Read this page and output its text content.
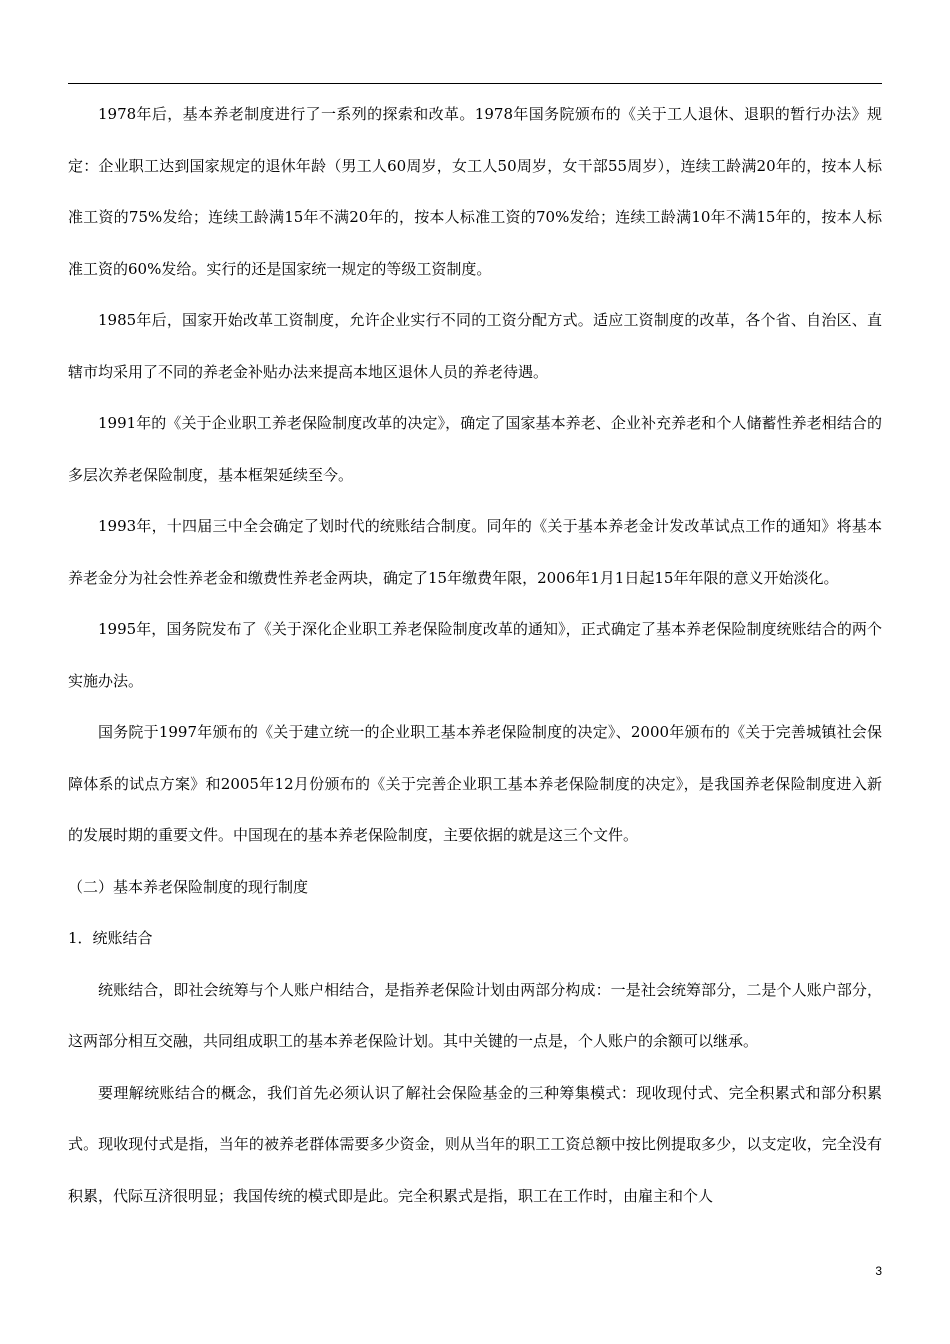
1978年后，基本养老制度进行了一系列的探索和改革。1978年国务院颁布的《关于工人退休、退职的暂行办法》规定：企业职工达到国家规定的退休年龄（男工人60周岁，女工人50周岁，女干部55周岁），连续工龄满20年的，按本人标准工资的75%发给；连续工龄满15年不满20年的，按本人标准工资的70%发给；连续工龄满10年不满15年的，按本人标准工资的60%发给。实行的还是国家统一规定的等级工资制度。

1985年后，国家开始改革工资制度，允许企业实行不同的工资分配方式。适应工资制度的改革，各个省、自治区、直辖市均采用了不同的养老金补贴办法来提高本地区退休人员的养老待遇。

1991年的《关于企业职工养老保险制度改革的决定》，确定了国家基本养老、企业补充养老和个人储蓄性养老相结合的多层次养老保险制度，基本框架延续至今。

1993年，十四届三中全会确定了划时代的统账结合制度。同年的《关于基本养老金计发改革试点工作的通知》将基本养老金分为社会性养老金和缴费性养老金两块，确定了15年缴费年限，2006年1月1日起15年年限的意义开始淡化。

1995年，国务院发布了《关于深化企业职工养老保险制度改革的通知》，正式确定了基本养老保险制度统账结合的两个实施办法。

国务院于1997年颁布的《关于建立统一的企业职工基本养老保险制度的决定》、2000年颁布的《关于完善城镇社会保障体系的试点方案》和2005年12月份颁布的《关于完善企业职工基本养老保险制度的决定》，是我国养老保险制度进入新的发展时期的重要文件。中国现在的基本养老保险制度，主要依据的就是这三个文件。

（二）基本养老保险制度的现行制度

1．统账结合

统账结合，即社会统筹与个人账户相结合，是指养老保险计划由两部分构成：一是社会统筹部分，二是个人账户部分，这两部分相互交融，共同组成职工的基本养老保险计划。其中关键的一点是，个人账户的余额可以继承。

要理解统账结合的概念，我们首先必须认识了解社会保险基金的三种筹集模式：现收现付式、完全积累式和部分积累式。现收现付式是指，当年的被养老群体需要多少资金，则从当年的职工工资总额中按比例提取多少，以支定收，完全没有积累，代际互济很明显；我国传统的模式即是此。完全积累式是指，职工在工作时，由雇主和个人

3
